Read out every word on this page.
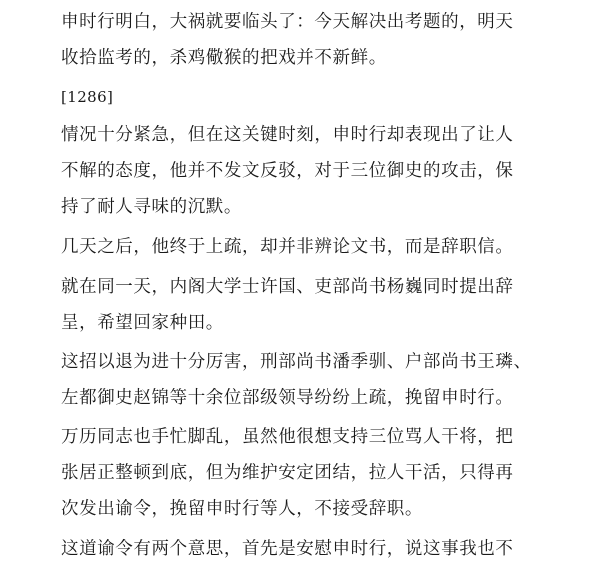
申时行明白，大祸就要临头了：今天解决出考题的，明天
收拾监考的，杀鸡儆猴的把戏并不新鲜。
[1286]
情况十分紧急，但在这关键时刻，申时行却表现出了让人
不解的态度，他并不发文反驳，对于三位御史的攻击，保
持了耐人寻味的沉默。
几天之后，他终于上疏，却并非辨论文书，而是辞职信。
就在同一天，内阁大学士许国、吏部尚书杨巍同时提出辞
呈，希望回家种田。
这招以退为进十分厉害，刑部尚书潘季驯、户部尚书王璘、
左都御史赵锦等十余位部级领导纷纷上疏，挽留申时行。
万历同志也手忙脚乱，虽然他很想支持三位骂人干将，把
张居正整顿到底，但为维护安定团结，拉人干活，只得再
次发出谕令，挽留申时行等人，不接受辞职。
这道谕令有两个意思，首先是安慰申时行，说这事我也不
